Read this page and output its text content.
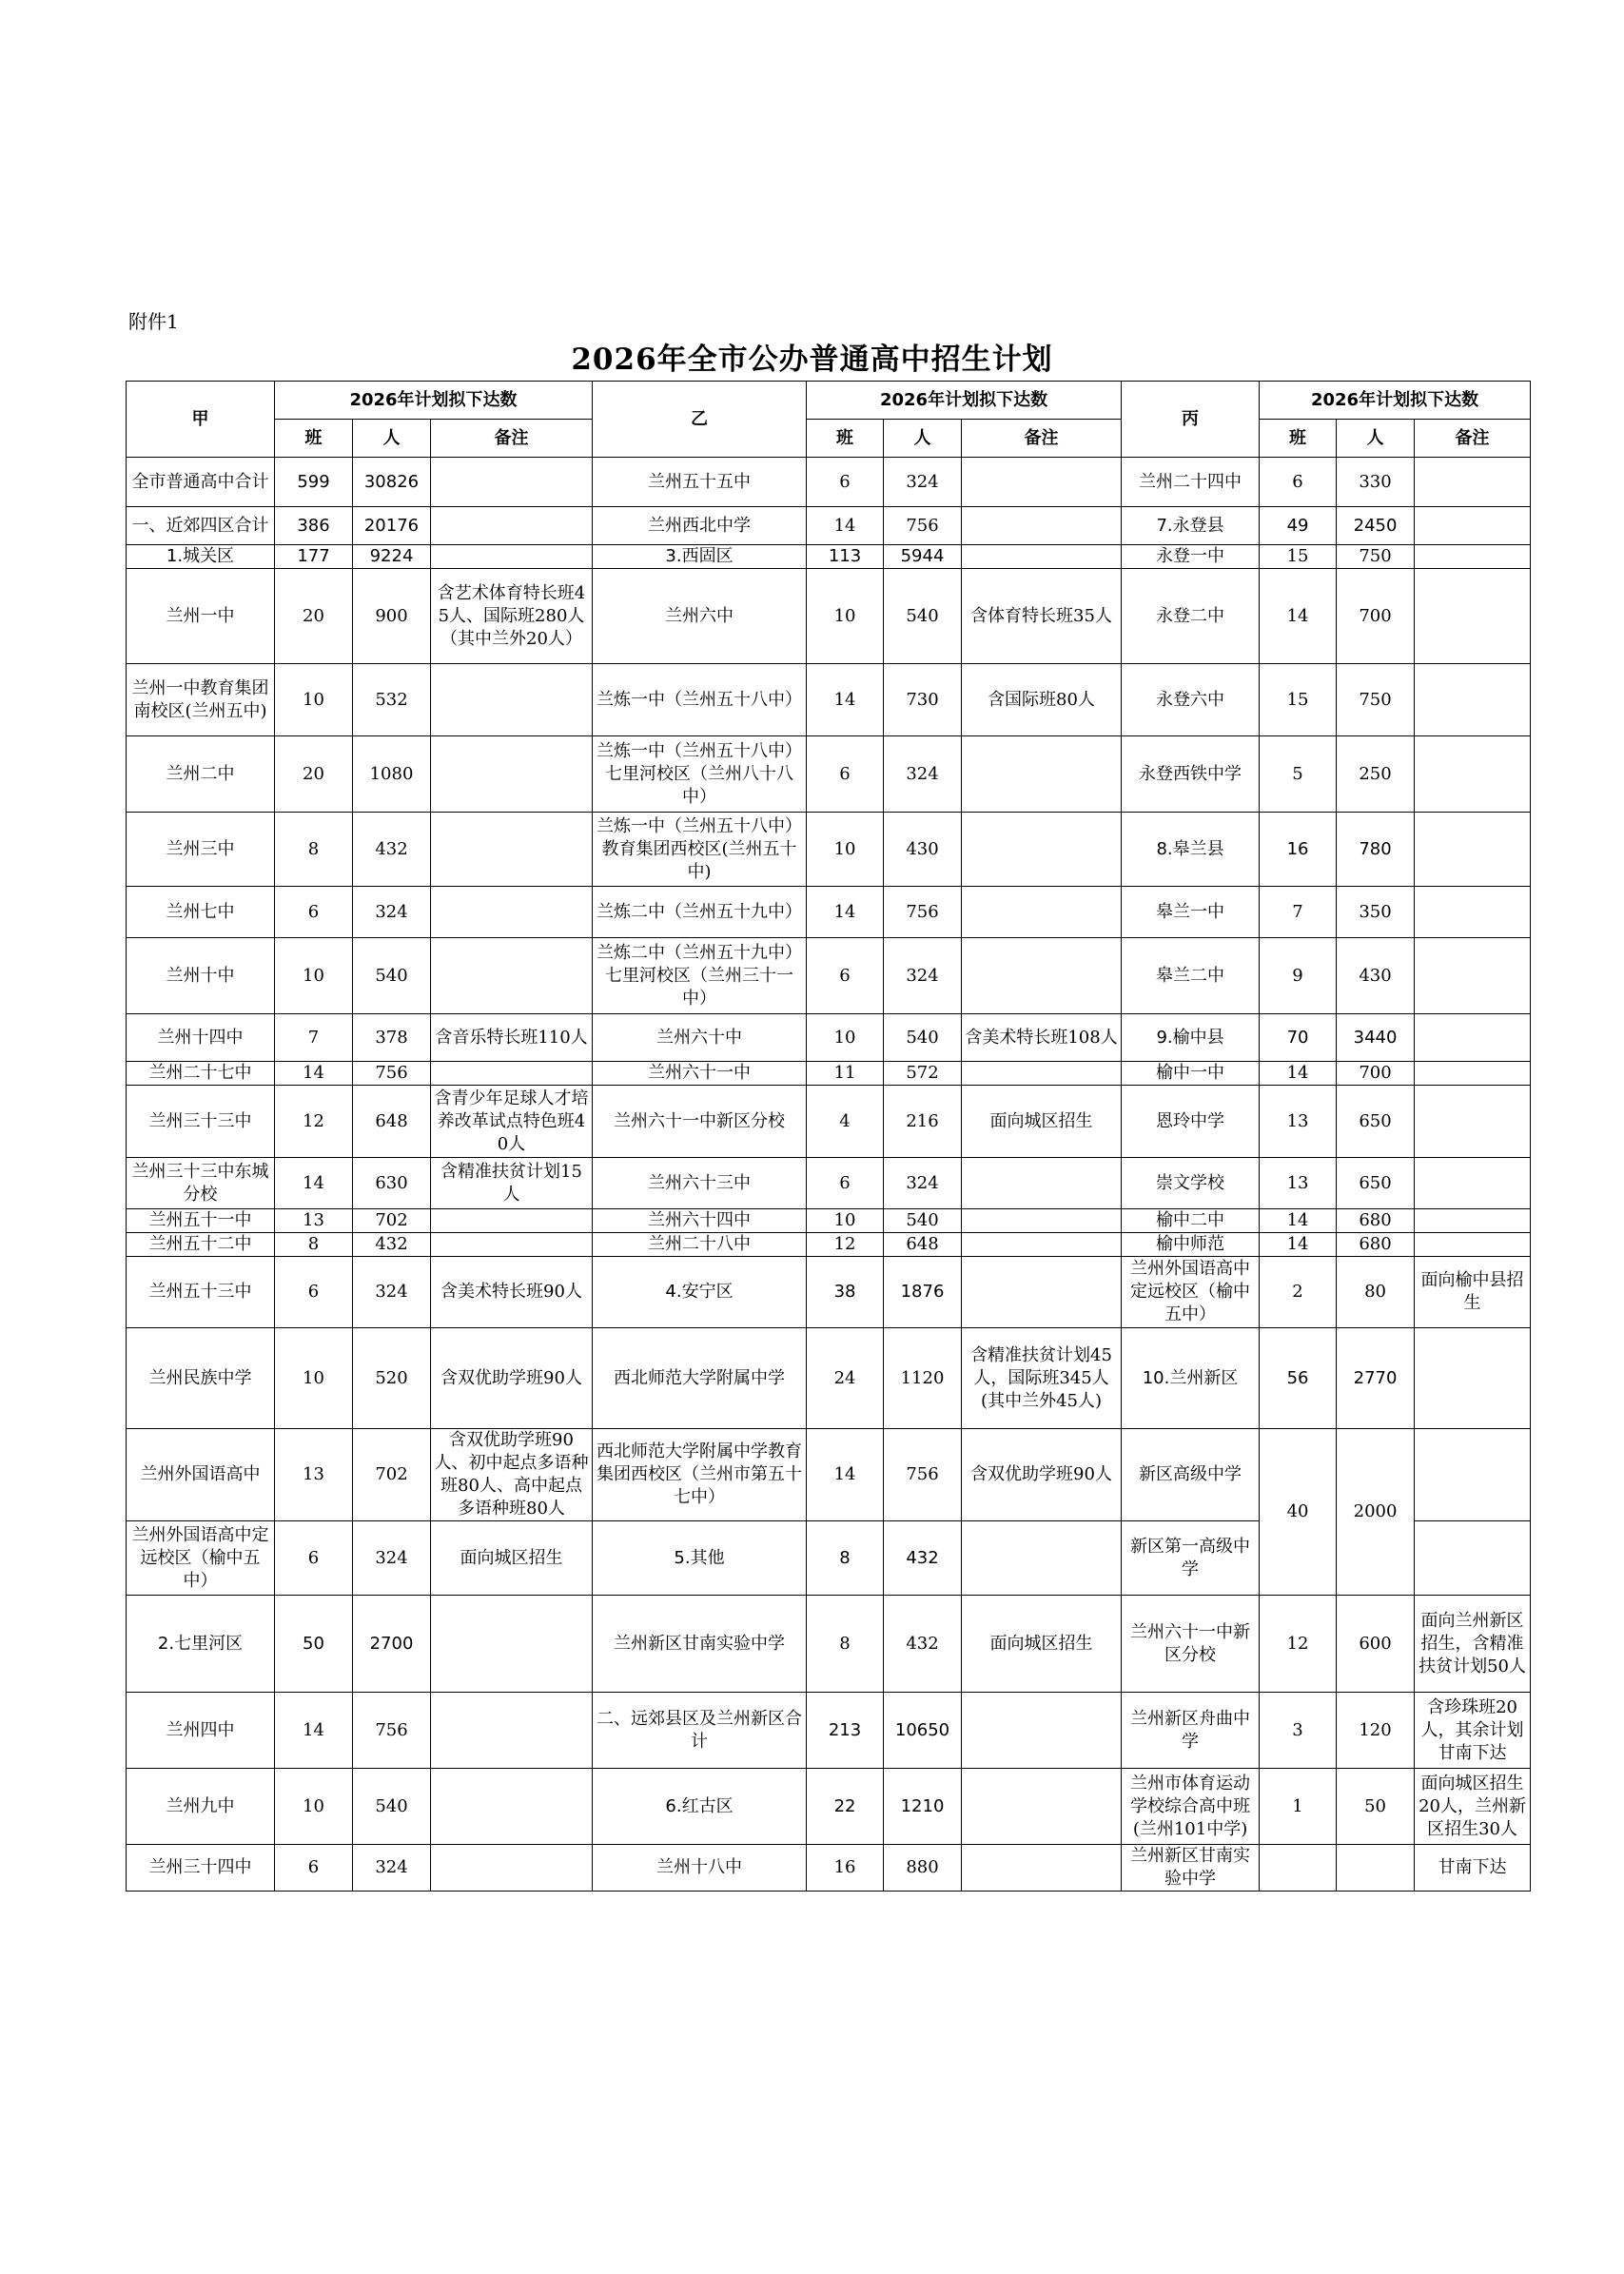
附件1
2026年全市公办普通高中招生计划
甲	2026年计划拟下达数			乙	2026年计划拟下达数			丙	2026年计划拟下达数		
	班	人	备注		班	人	备注		班	人	备注
全市普通高中合计	599	30826		兰州五十五中	6	324		兰州二十四中	6	330	
一、近郊四区合计	386	20176		兰州西北中学	14	756		7.永登县	49	2450	
1.城关区	177	9224		3.西固区	113	5944		永登一中	15	750	
兰州一中	20	900	含艺术体育特长班45人、国际班280人（其中兰外20人）	兰州六中	10	540	含体育特长班35人	永登二中	14	700	
兰州一中教育集团南校区(兰州五中)	10	532		兰炼一中（兰州五十八中）	14	730	含国际班80人	永登六中	15	750	
兰州二中	20	1080		兰炼一中（兰州五十八中）七里河校区（兰州八十八中）	6	324		永登西铁中学	5	250	
兰州三中	8	432		兰炼一中（兰州五十八中）教育集团西校区(兰州五十中)	10	430		8.皋兰县	16	780	
兰州七中	6	324		兰炼二中（兰州五十九中）	14	756		皋兰一中	7	350	
兰州十中	10	540		兰炼二中（兰州五十九中）七里河校区（兰州三十一中）	6	324		皋兰二中	9	430	
兰州十四中	7	378	含音乐特长班110人	兰州六十中	10	540	含美术特长班108人	9.榆中县	70	3440	
兰州二十七中	14	756		兰州六十一中	11	572		榆中一中	14	700	
兰州三十三中	12	648	含青少年足球人才培养改革试点特色班40人	兰州六十一中新区分校	4	216	面向城区招生	恩玲中学	13	650	
兰州三十三中东城分校	14	630	含精准扶贫计划15人	兰州六十三中	6	324		崇文学校	13	650	
兰州五十一中	13	702		兰州六十四中	10	540		榆中二中	14	680	
兰州五十二中	8	432		兰州二十八中	12	648		榆中师范	14	680	
兰州五十三中	6	324	含美术特长班90人	4.安宁区	38	1876		兰州外国语高中定远校区（榆中五中）	2	80	面向榆中县招生
兰州民族中学	10	520	含双优助学班90人	西北师范大学附属中学	24	1120	含精准扶贫计划45人，国际班345人(其中兰外45人)	10.兰州新区	56	2770	
兰州外国语高中	13	702	含双优助学班90人、初中起点多语种班80人、高中起点多语种班80人	西北师范大学附属中学教育集团西校区（兰州市第五十七中）	14	756	含双优助学班90人	新区高级中学	40	2000	
兰州外国语高中定远校区（榆中五中）	6	324	面向城区招生	5.其他	8	432		新区第一高级中学			
2.七里河区	50	2700		兰州新区甘南实验中学	8	432	面向城区招生	兰州六十一中新区分校	12	600	面向兰州新区招生，含精准扶贫计划50人
兰州四中	14	756		二、远郊县区及兰州新区合计	213	10650		兰州新区舟曲中学	3	120	含珍珠班20人，其余计划甘南下达
兰州九中	10	540		6.红古区	22	1210		兰州市体育运动学校综合高中班(兰州101中学)	1	50	面向城区招生20人，兰州新区招生30人
兰州三十四中	6	324		兰州十八中	16	880		兰州新区甘南实验中学			甘南下达
